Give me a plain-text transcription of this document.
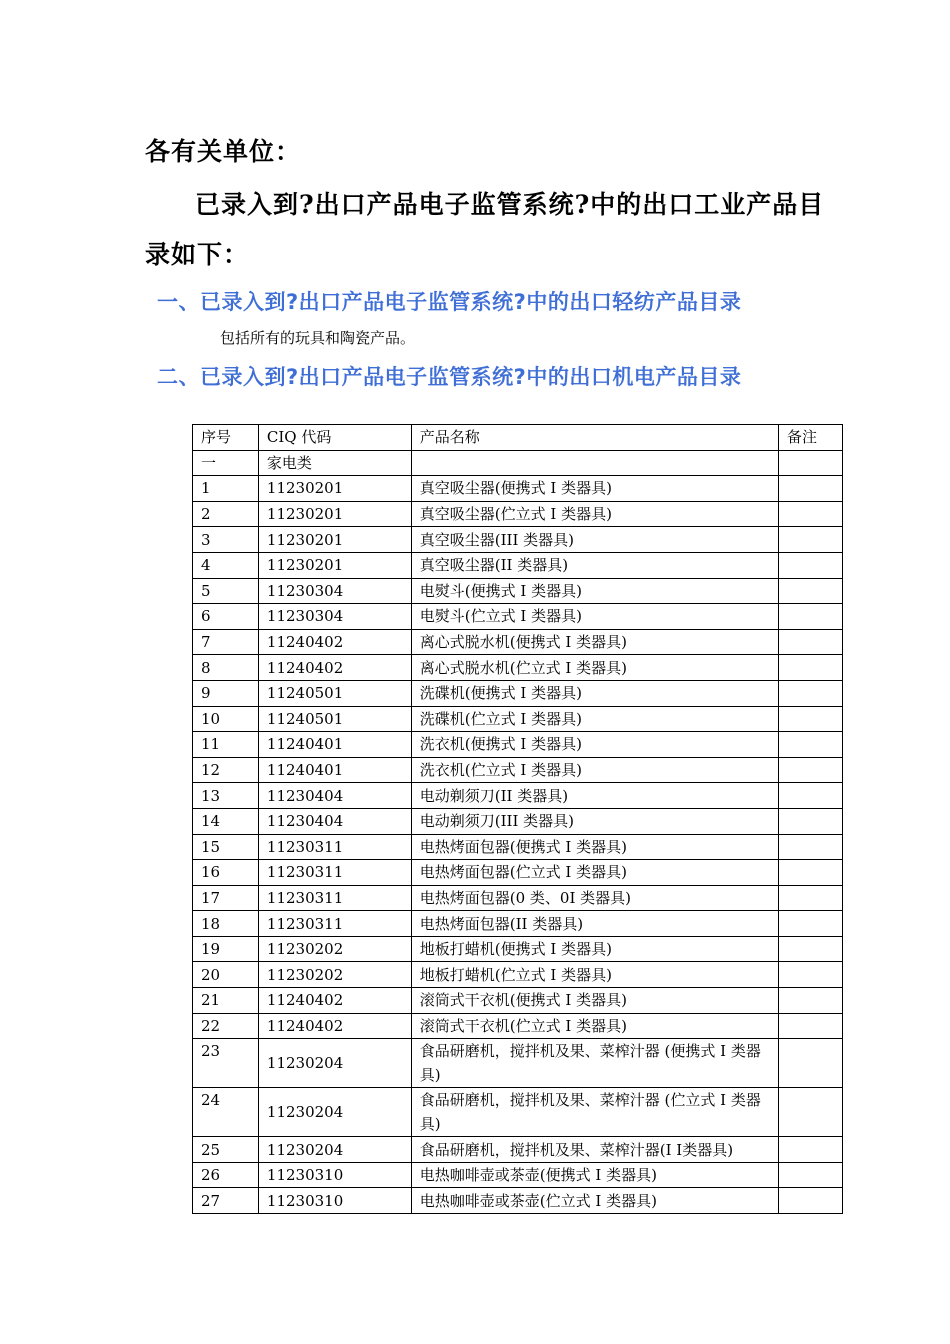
各有关单位：
已录入到?出口产品电子监管系统?中的出口工业产品目录如下：
一、已录入到?出口产品电子监管系统?中的出口轻纺产品目录
包括所有的玩具和陶瓷产品。
二、已录入到?出口产品电子监管系统?中的出口机电产品目录
序号	CIQ 代码	产品名称	备注
一	家电类		
1	11230201	真空吸尘器(便携式 I 类器具)	
2	11230201	真空吸尘器(伫立式 I 类器具)	
3	11230201	真空吸尘器(III 类器具)	
4	11230201	真空吸尘器(II 类器具)	
5	11230304	电熨斗(便携式 I 类器具)	
6	11230304	电熨斗(伫立式 I 类器具)	
7	11240402	离心式脱水机(便携式 I 类器具)	
8	11240402	离心式脱水机(伫立式 I 类器具)	
9	11240501	洗碟机(便携式 I 类器具)	
10	11240501	洗碟机(伫立式 I 类器具)	
11	11240401	洗衣机(便携式 I 类器具)	
12	11240401	洗衣机(伫立式 I 类器具)	
13	11230404	电动剃须刀(II 类器具)	
14	11230404	电动剃须刀(III 类器具)	
15	11230311	电热烤面包器(便携式 I 类器具)	
16	11230311	电热烤面包器(伫立式 I 类器具)	
17	11230311	电热烤面包器(0 类、0I 类器具)	
18	11230311	电热烤面包器(II 类器具)	
19	11230202	地板打蜡机(便携式 I 类器具)	
20	11230202	地板打蜡机(伫立式 I 类器具)	
21	11240402	滚筒式干衣机(便携式 I 类器具)	
22	11240402	滚筒式干衣机(伫立式 I 类器具)	
23	11230204	食品研磨机，搅拌机及果、菜榨汁器 (便携式 I 类器具)	
24	11230204	食品研磨机，搅拌机及果、菜榨汁器 (伫立式 I 类器具)	
25	11230204	食品研磨机，搅拌机及果、菜榨汁器(I Ⅰ类器具)	
26	11230310	电热咖啡壶或茶壶(便携式 I 类器具)	
27	11230310	电热咖啡壶或茶壶(伫立式 I 类器具)	
